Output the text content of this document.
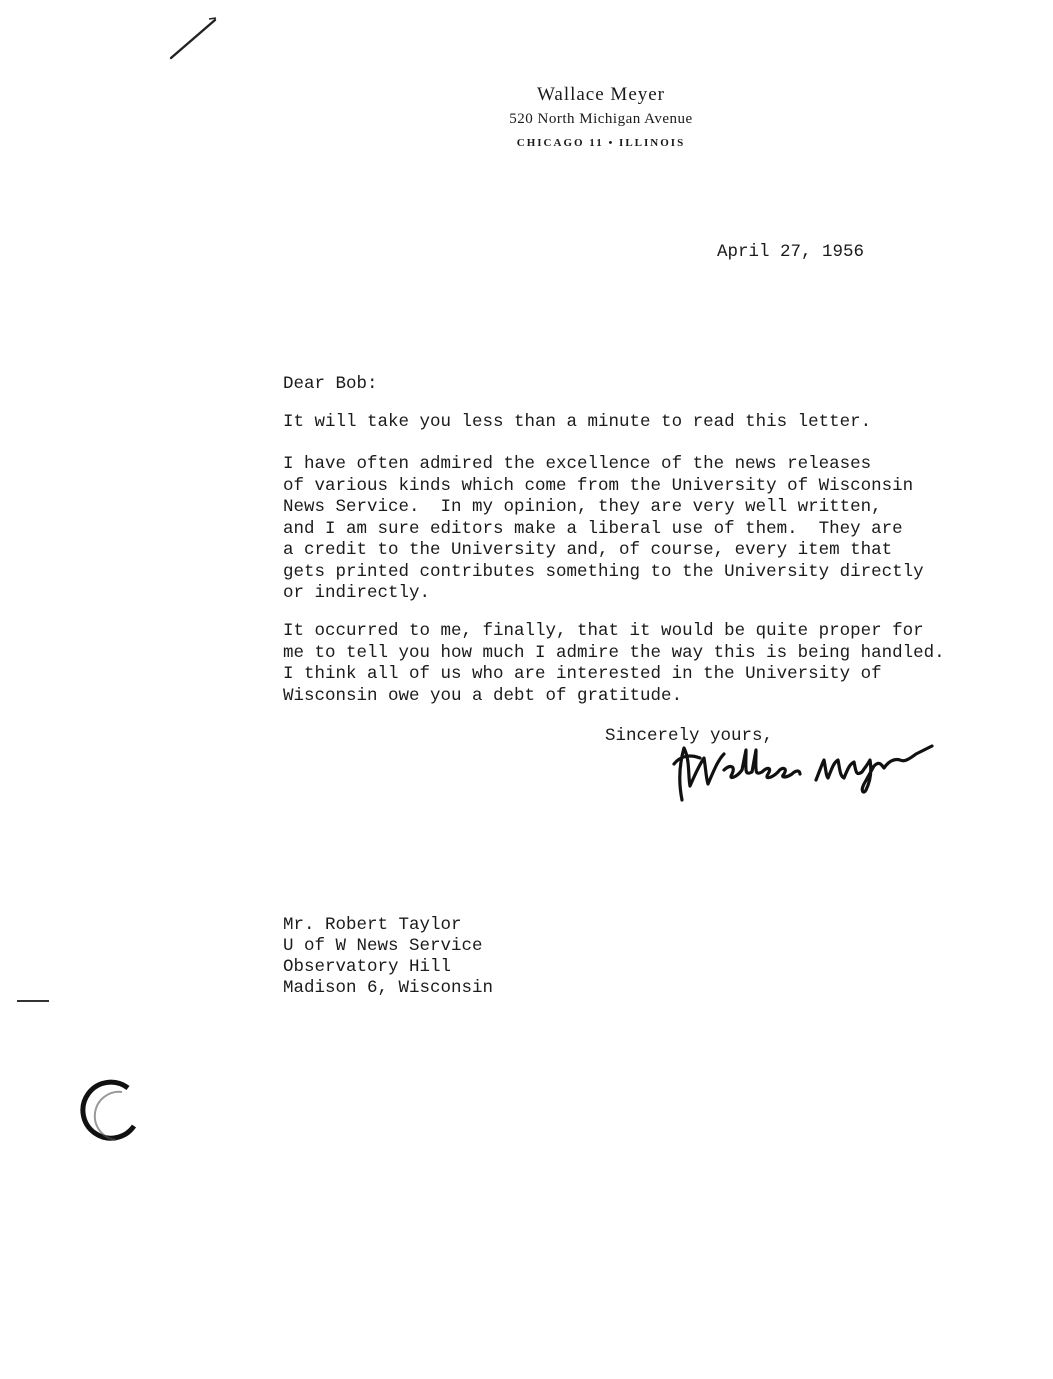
Wallace Meyer
520 North Michigan Avenue
CHICAGO 11 • ILLINOIS
April 27, 1956
Dear Bob:
It will take you less than a minute to read this letter.
I have often admired the excellence of the news releases
of various kinds which come from the University of Wisconsin
News Service.  In my opinion, they are very well written,
and I am sure editors make a liberal use of them.  They are
a credit to the University and, of course, every item that
gets printed contributes something to the University directly
or indirectly.
It occurred to me, finally, that it would be quite proper for
me to tell you how much I admire the way this is being handled.
I think all of us who are interested in the University of
Wisconsin owe you a debt of gratitude.
Sincerely yours,
Mr. Robert Taylor
U of W News Service
Observatory Hill
Madison 6, Wisconsin
